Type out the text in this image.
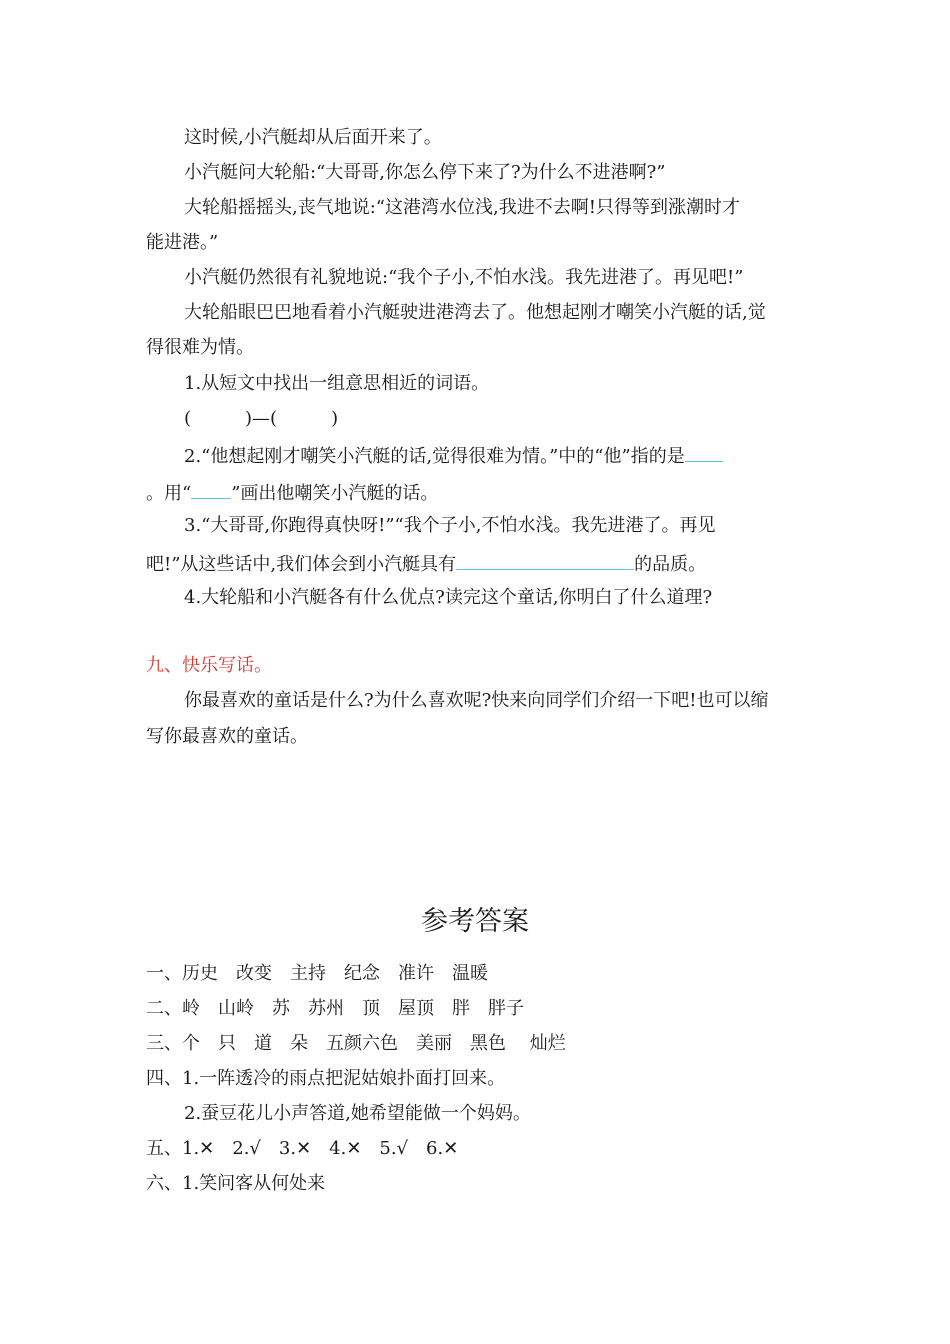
这时候,小汽艇却从后面开来了。
小汽艇问大轮船:“大哥哥,你怎么停下来了?为什么不进港啊?”
大轮船摇摇头,丧气地说:“这港湾水位浅,我进不去啊!只得等到涨潮时才
能进港。”
小汽艇仍然很有礼貌地说:“我个子小,不怕水浅。我先进港了。再见吧!”
大轮船眼巴巴地看着小汽艇驶进港湾去了。他想起刚才嘲笑小汽艇的话,觉
得很难为情。
1.从短文中找出一组意思相近的词语。
(　　　)—(　　　)
2.“他想起刚才嘲笑小汽艇的话,觉得很难为情。”中的“他”指的是
。用“ ”画出他嘲笑小汽艇的话。
3.“大哥哥,你跑得真快呀!”“我个子小,不怕水浅。我先进港了。再见
吧!”从这些话中,我们体会到小汽艇具有	的品质。
4.大轮船和小汽艇各有什么优点?读完这个童话,你明白了什么道理?
九、快乐写话。
你最喜欢的童话是什么?为什么喜欢呢?快来向同学们介绍一下吧!也可以缩
写你最喜欢的童话。
参考答案
一、历史　改变　主持　纪念　准许　温暖
二、岭　山岭　苏　苏州　顶　屋顶　胖　胖子
三、个　只　道　朵　五颜六色　美丽　黑色　 灿烂
四、1.一阵透冷的雨点把泥姑娘扑面打回来。
2.蚕豆花儿小声答道,她希望能做一个妈妈。
五、1.✕　2.√　3.✕　4.✕　5.√　6.✕
六、1.笑问客从何处来
